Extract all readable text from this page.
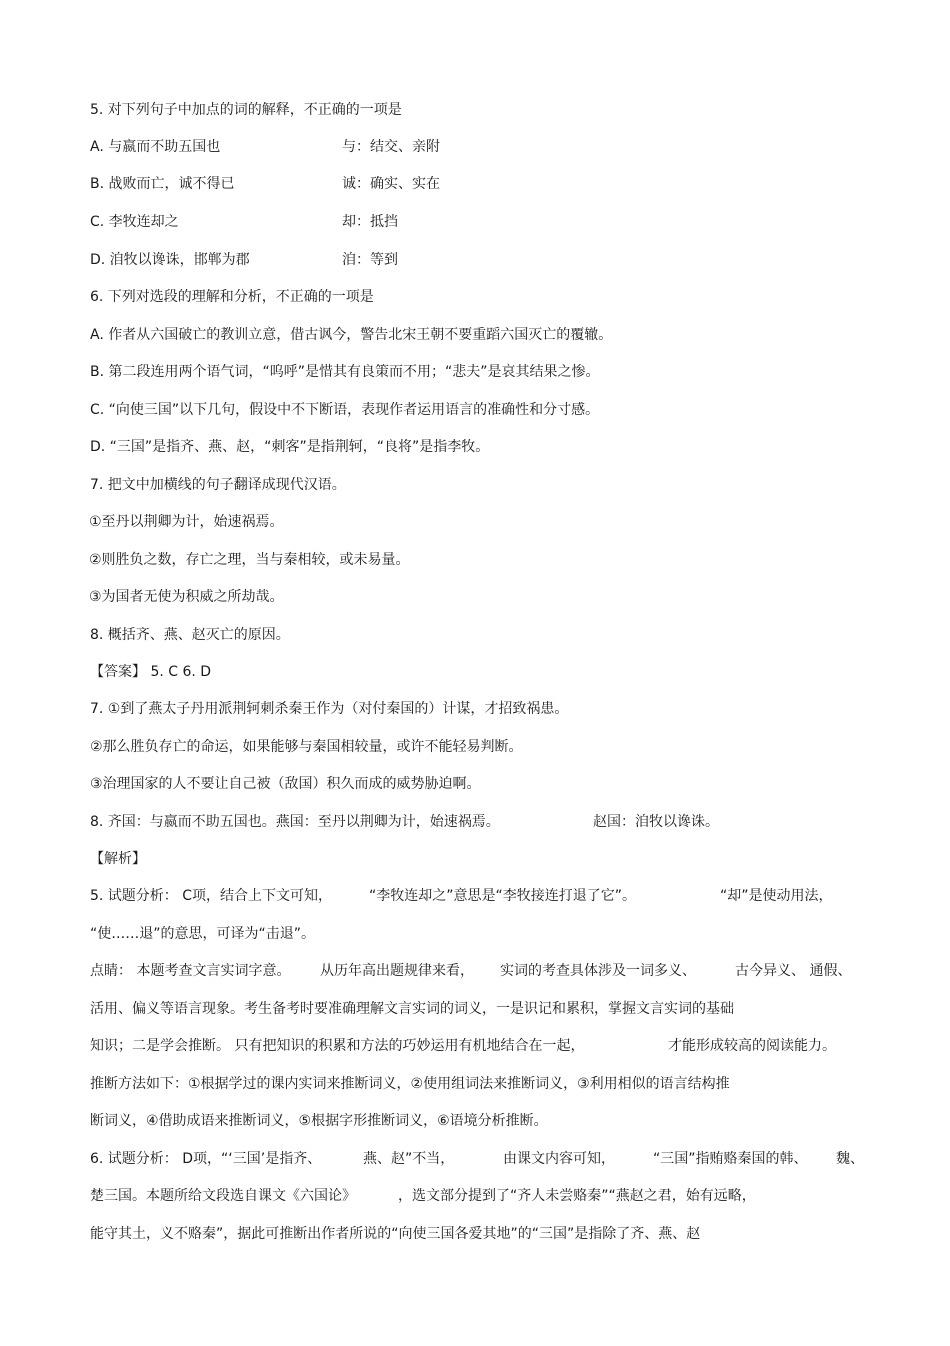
5. 对下列句子中加点的词的解释，不正确的一项是
A. 与嬴而不助五国也	与：结交、亲附
B. 战败而亡，诚不得已	诚：确实、实在
C. 李牧连却之	却：抵挡
D. 洎牧以谗诛，邯郸为郡	洎：等到
6. 下列对选段的理解和分析，不正确的一项是
A. 作者从六国破亡的教训立意，借古讽今，警告北宋王朝不要重蹈六国灭亡的覆辙。
B. 第二段连用两个语气词，“呜呼”是惜其有良策而不用；“悲夫”是哀其结果之惨。
C. “向使三国”以下几句，假设中不下断语，表现作者运用语言的准确性和分寸感。
D. “三国”是指齐、燕、赵，“刺客”是指荆轲，“良将”是指李牧。
7. 把文中加横线的句子翻译成现代汉语。
①至丹以荆卿为计，始速祸焉。
②则胜负之数，存亡之理，当与秦相较，或未易量。
③为国者无使为积威之所劫哉。
8. 概括齐、燕、赵灭亡的原因。
【答案】 5. C 6. D
7. ①到了燕太子丹用派荆轲刺杀秦王作为（对付秦国的）计谋，才招致祸患。
②那么胜负存亡的命运，如果能够与秦国相较量，或许不能轻易判断。
③治理国家的人不要让自己被（敌国）积久而成的威势胁迫啊。
8. 齐国：与嬴而不助五国也。燕国：至丹以荆卿为计，始速祸焉。	赵国：洎牧以谗诛。
【解析】
5. 试题分析： C项，结合上下文可知，	“李牧连却之”意思是“李牧接连打退了它”。	“却”是使动用法，
“使……退”的意思，可译为“击退”。
点睛： 本题考查文言实词字意。 从历年高出题规律来看， 实词的考查具体涉及一词多义、	古今异义、 通假、
活用、偏义等语言现象。考生备考时要准确理解文言实词的词义，一是识记和累积，掌握文言实词的基础
知识；二是学会推断。 只有把知识的积累和方法的巧妙运用有机地结合在一起，	才能形成较高的阅读能力。
推断方法如下：①根据学过的课内实词来推断词义，②使用组词法来推断词义，③利用相似的语言结构推
断词义，④借助成语来推断词义，⑤根据字形推断词义，⑥语境分析推断。
6. 试题分析： D项，“‘三国’是指齐、	燕、赵”不当，	由课文内容可知，	“三国”指贿赂秦国的韩、 魏、
楚三国。本题所给文段选自课文《六国论》	，选文部分提到了“齐人未尝赂秦”“燕赵之君，始有远略，
能守其土，义不赂秦”，据此可推断出作者所说的“向使三国各爱其地”的“三国”是指除了齐、燕、赵
